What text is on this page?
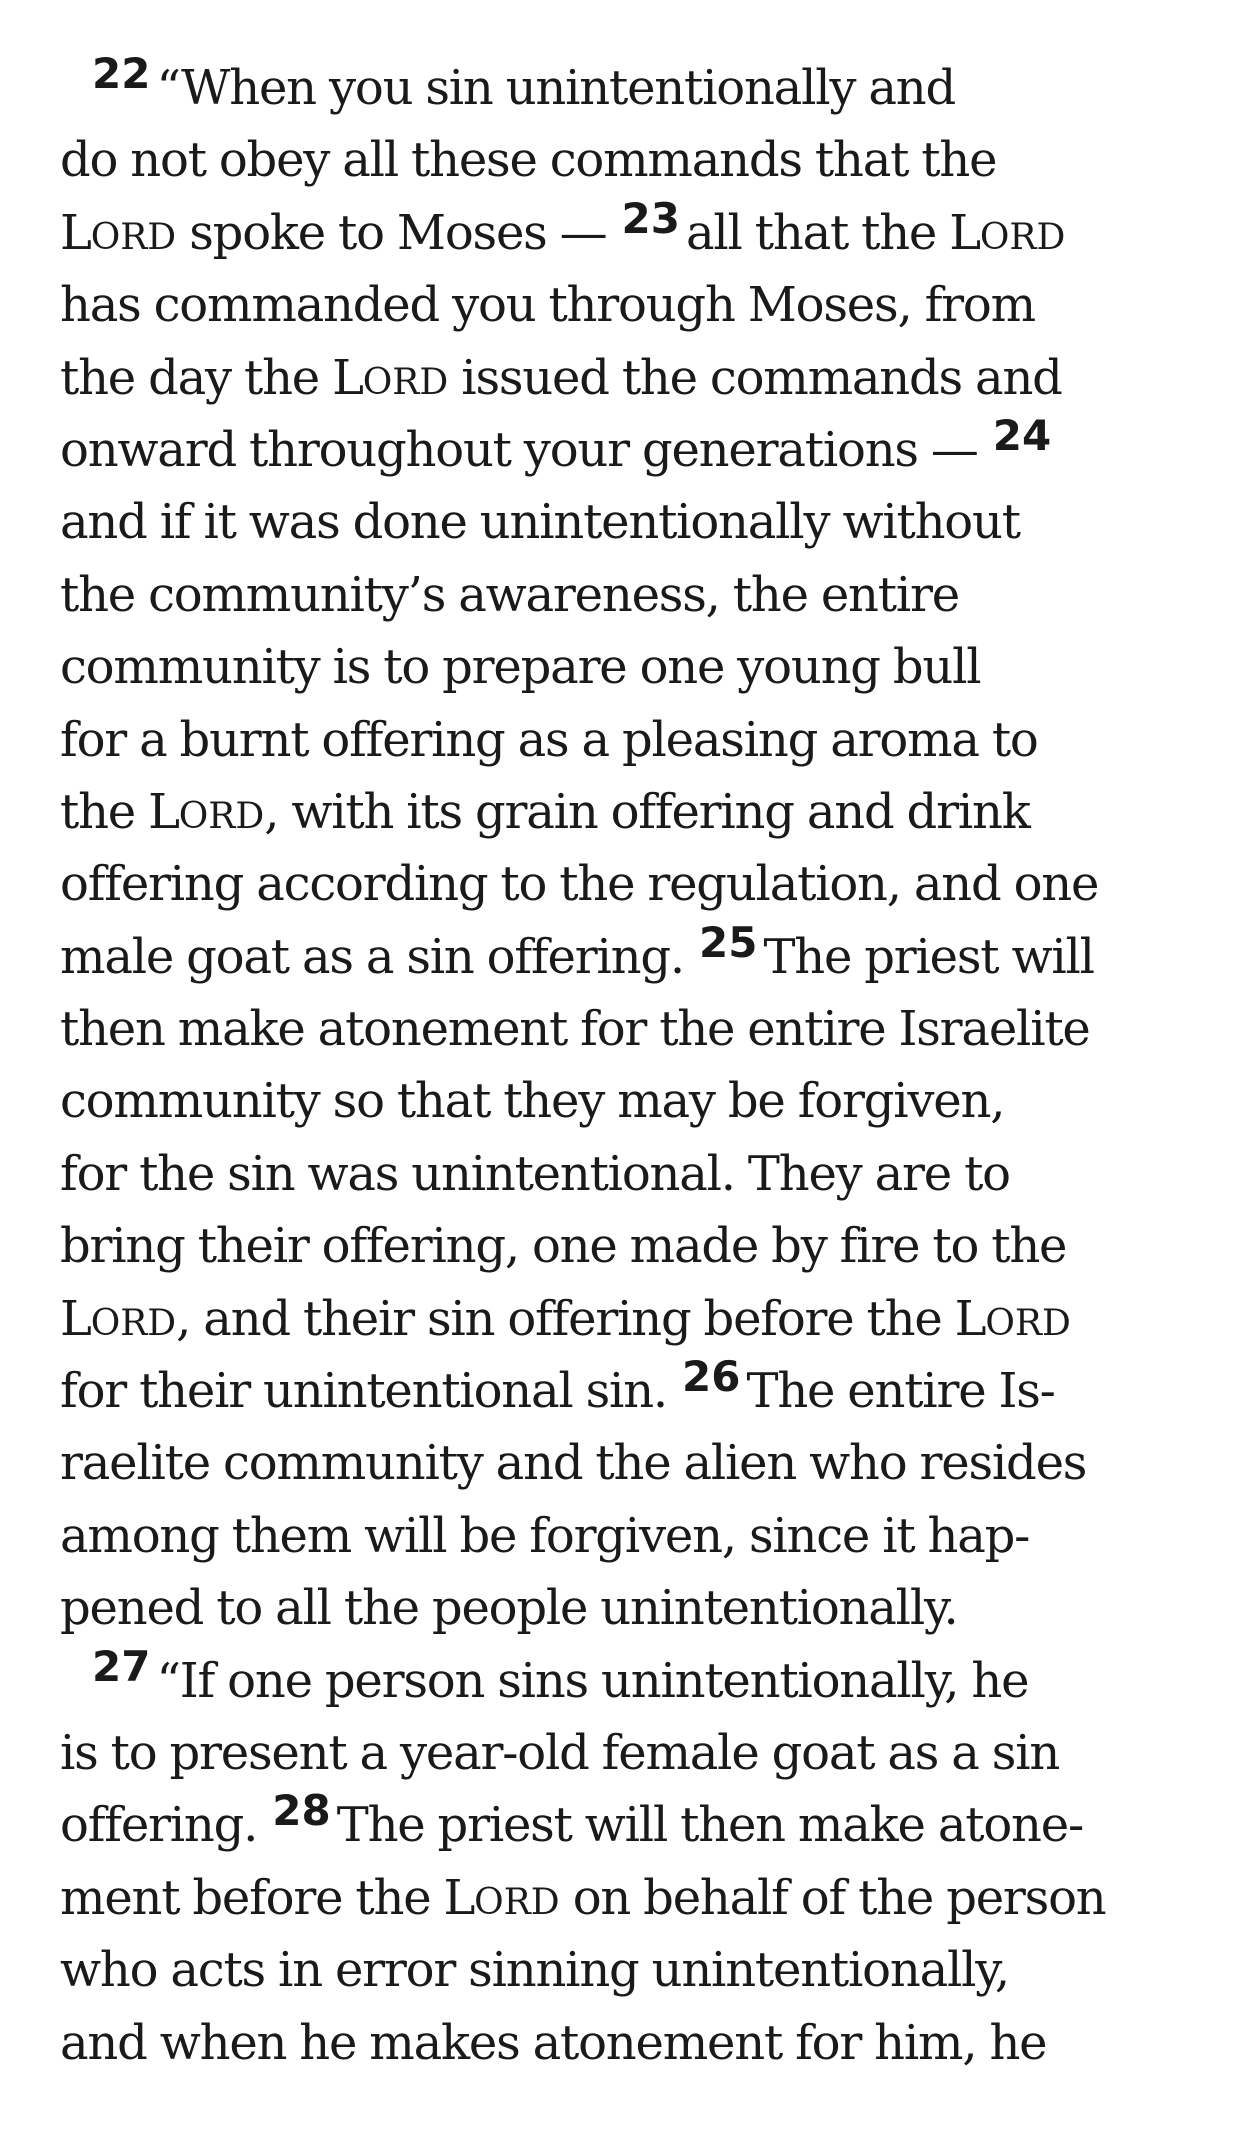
22 “When you sin unintentionally and
do not obey all these commands that the
LORD spoke to Moses — 23 all that the LORD
has commanded you through Moses, from
the day the LORD issued the commands and
onward throughout your generations — 24
and if it was done unintentionally without
the community’s awareness, the entire
community is to prepare one young bull
for a burnt offering as a pleasing aroma to
the LORD, with its grain offering and drink
offering according to the regulation, and one
male goat as a sin offering. 25 The priest will
then make atonement for the entire Israelite
community so that they may be forgiven,
for the sin was unintentional. They are to
bring their offering, one made by fire to the
LORD, and their sin offering before the LORD
for their unintentional sin. 26 The entire Is-
raelite community and the alien who resides
among them will be forgiven, since it hap-
pened to all the people unintentionally.
27 “If one person sins unintentionally, he
is to present a year-old female goat as a sin
offering. 28 The priest will then make atone-
ment before the LORD on behalf of the person
who acts in error sinning unintentionally,
and when he makes atonement for him, he
